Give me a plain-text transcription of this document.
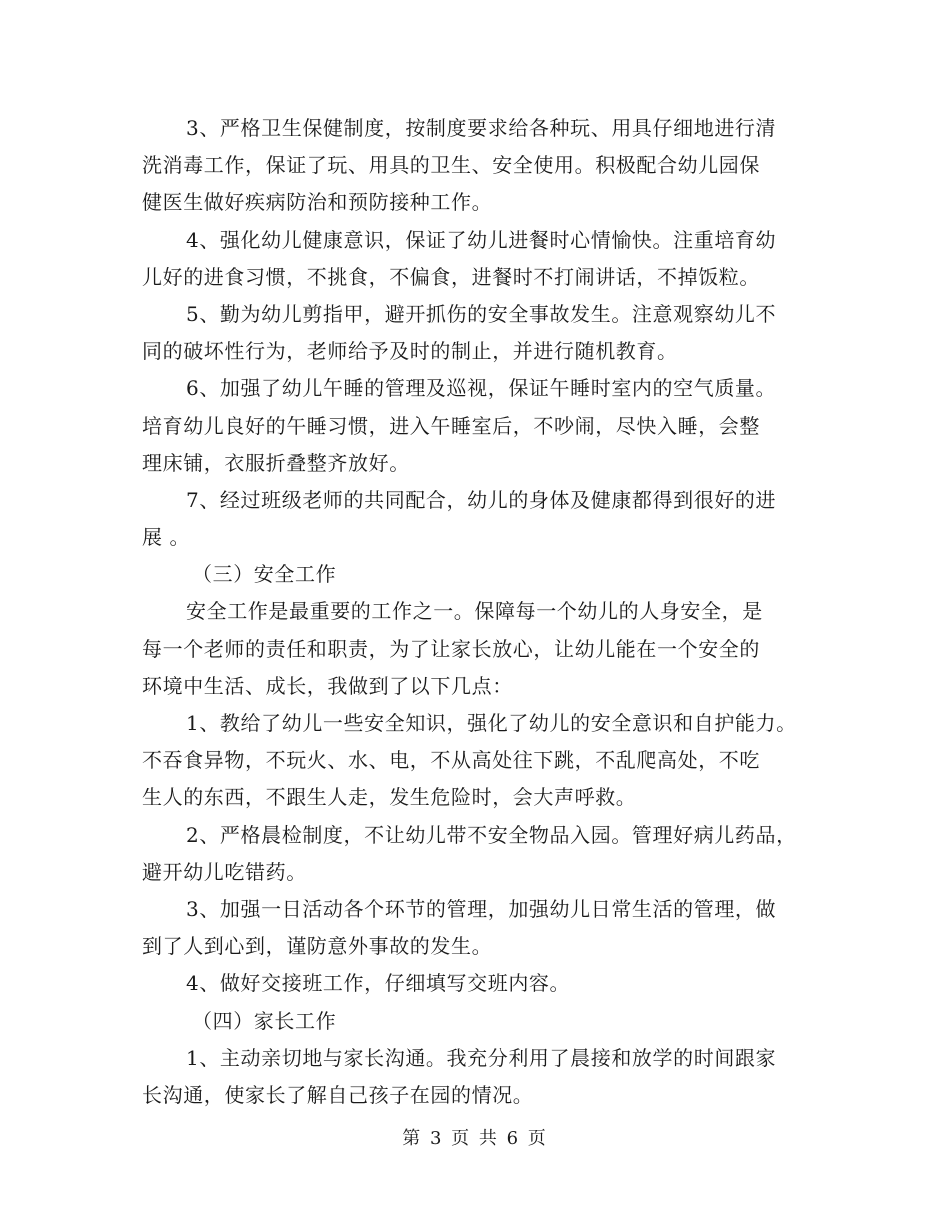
3、严格卫生保健制度，按制度要求给各种玩、用具仔细地进行清
洗消毒工作，保证了玩、用具的卫生、安全使用。积极配合幼儿园保
健医生做好疾病防治和预防接种工作。
4、强化幼儿健康意识，保证了幼儿进餐时心情愉快。注重培育幼
儿好的进食习惯，不挑食，不偏食，进餐时不打闹讲话，不掉饭粒。
5、勤为幼儿剪指甲，避开抓伤的安全事故发生。注意观察幼儿不
同的破坏性行为，老师给予及时的制止，并进行随机教育。
6、加强了幼儿午睡的管理及巡视，保证午睡时室内的空气质量。
培育幼儿良好的午睡习惯，进入午睡室后，不吵闹，尽快入睡，会整
理床铺，衣服折叠整齐放好。
7、经过班级老师的共同配合，幼儿的身体及健康都得到很好的进
展 。
（三）安全工作
安全工作是最重要的工作之一。保障每一个幼儿的人身安全，是
每一个老师的责任和职责，为了让家长放心，让幼儿能在一个安全的
环境中生活、成长，我做到了以下几点：
1、教给了幼儿一些安全知识，强化了幼儿的安全意识和自护能力。
不吞食异物，不玩火、水、电，不从高处往下跳，不乱爬高处，不吃
生人的东西，不跟生人走，发生危险时，会大声呼救。
2、严格晨检制度，不让幼儿带不安全物品入园。管理好病儿药品，
避开幼儿吃错药。
3、加强一日活动各个环节的管理，加强幼儿日常生活的管理，做
到了人到心到，谨防意外事故的发生。
4、做好交接班工作，仔细填写交班内容。
（四）家长工作
1、主动亲切地与家长沟通。我充分利用了晨接和放学的时间跟家
长沟通，使家长了解自己孩子在园的情况。
第 3 页 共 6 页
